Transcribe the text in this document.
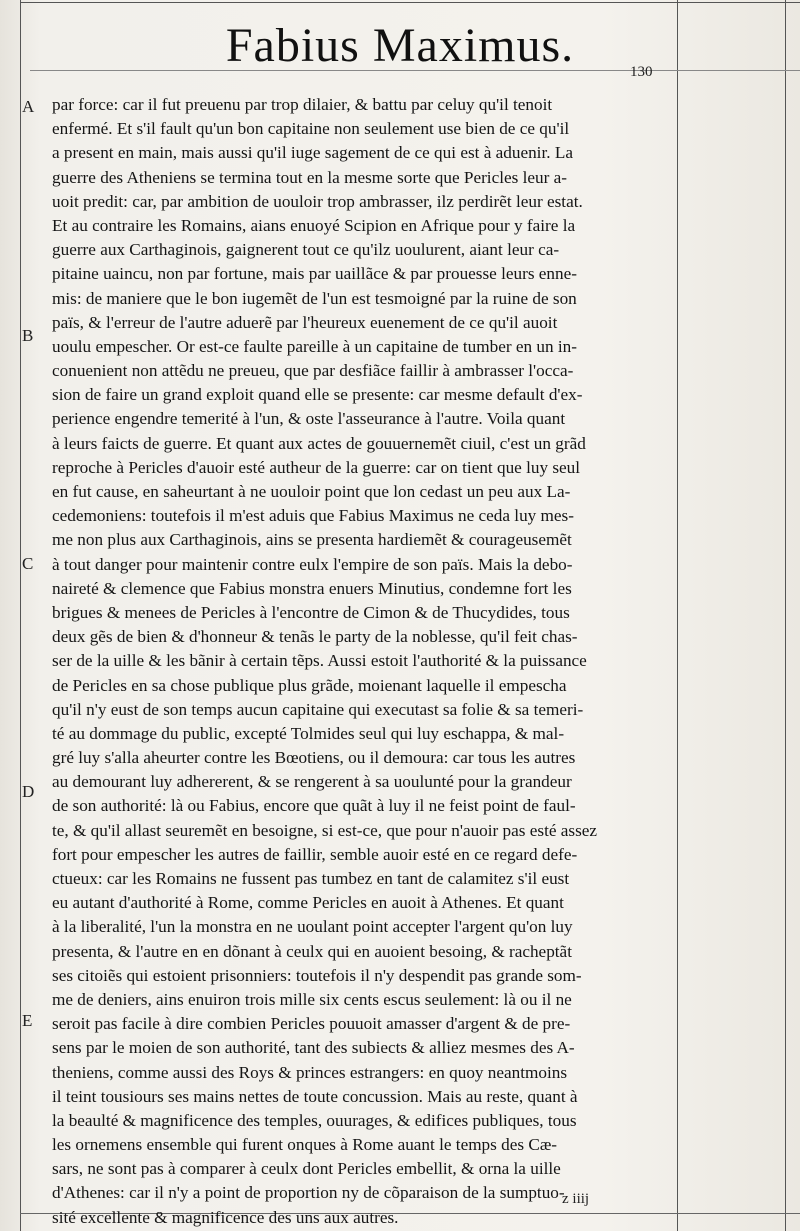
Fabius Maximus.	130
A
B
C
D
E
par force: car il fut preuenu par trop dilaier, & battu par celuy qu'il tenoit
enfermé. Et s'il fault qu'un bon capitaine non seulement use bien de ce qu'il
a present en main, mais aussi qu'il iuge sagement de ce qui est à aduenir. La
guerre des Atheniens se termina tout en la mesme sorte que Pericles leur a-
uoit predit: car, par ambition de uouloir trop ambrasser, ilz perdirẽt leur estat.
Et au contraire les Romains, aians enuoyé Scipion en Afrique pour y faire la
guerre aux Carthaginois, gaignerent tout ce qu'ilz uoulurent, aiant leur ca-
pitaine uaincu, non par fortune, mais par uaillãce & par prouesse leurs enne-
mis: de maniere que le bon iugemẽt de l'un est tesmoigné par la ruine de son
païs, & l'erreur de l'autre aduerẽ par l'heureux euenement de ce qu'il auoit
uoulu empescher. Or est-ce faulte pareille à un capitaine de tumber en un in-
conuenient non attẽdu ne preueu, que par desfiãce faillir à ambrasser l'occa-
sion de faire un grand exploit quand elle se presente: car mesme default d'ex-
perience engendre temerité à l'un, & oste l'asseurance à l'autre. Voila quant
à leurs faicts de guerre. Et quant aux actes de gouuernemẽt ciuil, c'est un grãd
reproche à Pericles d'auoir esté autheur de la guerre: car on tient que luy seul
en fut cause, en saheurtant à ne uouloir point que lon cedast un peu aux La-
cedemoniens: toutefois il m'est aduis que Fabius Maximus ne ceda luy mes-
me non plus aux Carthaginois, ains se presenta hardiemẽt & courageusemẽt
à tout danger pour maintenir contre eulx l'empire de son païs. Mais la debo-
naireté & clemence que Fabius monstra enuers Minutius, condemne fort les
brigues & menees de Pericles à l'encontre de Cimon & de Thucydides, tous
deux gẽs de bien & d'honneur & tenãs le party de la noblesse, qu'il feit chas-
ser de la uille & les bãnir à certain tẽps. Aussi estoit l'authorité & la puissance
de Pericles en sa chose publique plus grãde, moienant laquelle il empescha
qu'il n'y eust de son temps aucun capitaine qui executast sa folie & sa temeri-
té au dommage du public, excepté Tolmides seul qui luy eschappa, & mal-
gré luy s'alla aheurter contre les Bœotiens, ou il demoura: car tous les autres
au demourant luy adhererent, & se rengerent à sa uoulunté pour la grandeur
de son authorité: là ou Fabius, encore que quãt à luy il ne feist point de faul-
te, & qu'il allast seuremẽt en besoigne, si est-ce, que pour n'auoir pas esté assez
fort pour empescher les autres de faillir, semble auoir esté en ce regard defe-
ctueux: car les Romains ne fussent pas tumbez en tant de calamitez s'il eust
eu autant d'authorité à Rome, comme Pericles en auoit à Athenes. Et quant
à la liberalité, l'un la monstra en ne uoulant point accepter l'argent qu'on luy
presenta, & l'autre en en dõnant à ceulx qui en auoient besoing, & racheptãt
ses citoiẽs qui estoient prisonniers: toutefois il n'y despendit pas grande som-
me de deniers, ains enuiron trois mille six cents escus seulement: là ou il ne
seroit pas facile à dire combien Pericles pouuoit amasser d'argent & de pre-
sens par le moien de son authorité, tant des subiects & alliez mesmes des A-
theniens, comme aussi des Roys & princes estrangers: en quoy neantmoins
il teint tousiours ses mains nettes de toute concussion. Mais au reste, quant à
la beaulté & magnificence des temples, ouurages, & edifices publiques, tous
les ornemens ensemble qui furent onques à Rome auant le temps des Cæ-
sars, ne sont pas à comparer à ceulx dont Pericles embellit, & orna la uille
d'Athenes: car il n'y a point de proportion ny de cõparaison de la sumptuo-
sité excellente & magnificence des uns aux autres.
z iiij
